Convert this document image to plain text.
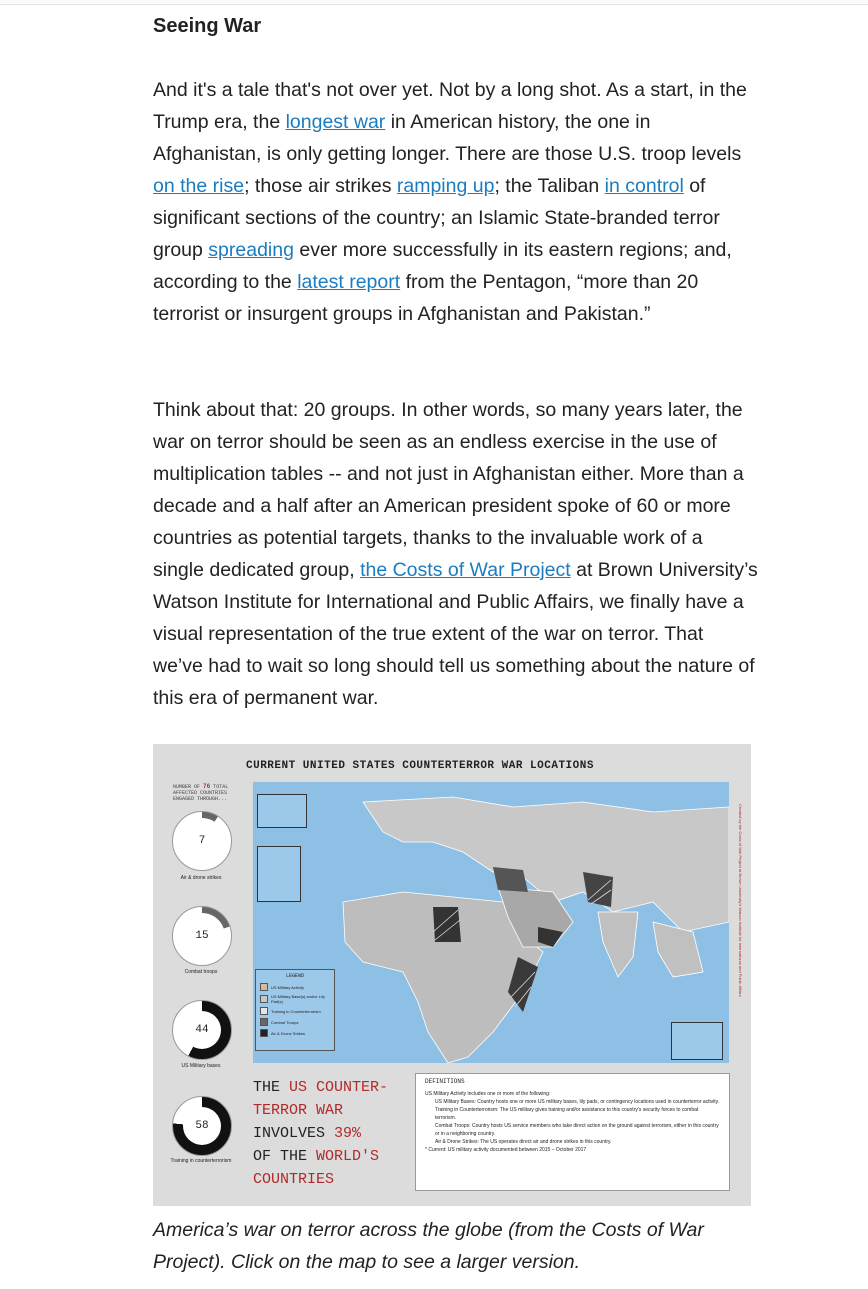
Seeing War

And it's a tale that's not over yet. Not by a long shot. As a start, in the Trump era, the longest war in American history, the one in Afghanistan, is only getting longer. There are those U.S. troop levels on the rise; those air strikes ramping up; the Taliban in control of significant sections of the country; an Islamic State-branded terror group spreading ever more successfully in its eastern regions; and, according to the latest report from the Pentagon, “more than 20 terrorist or insurgent groups in Afghanistan and Pakistan.”

Think about that: 20 groups. In other words, so many years later, the war on terror should be seen as an endless exercise in the use of multiplication tables -- and not just in Afghanistan either. More than a decade and a half after an American president spoke of 60 or more countries as potential targets, thanks to the invaluable work of a single dedicated group, the Costs of War Project at Brown University’s Watson Institute for International and Public Affairs, we finally have a visual representation of the true extent of the war on terror. That we’ve had to wait so long should tell us something about the nature of this era of permanent war.

CURRENT UNITED STATES COUNTERTERROR WAR LOCATIONS
NUMBER OF 76 TOTAL AFFECTED COUNTRIES ENGAGED THROUGH...
7
Air & drone strikes
15
Combat troops
44
US Military bases
58
Training in counterterrorism
LEGEND
US Military Activity
US Military Base(s) and/or Lily Pad(s)
Training in Counterterrorism
Combat Troops
Air & Drone Strikes
Created by the Costs of War Project at Brown University's Watson Institute for International and Public Affairs
THE US COUNTER-
TERROR WAR
INVOLVES 39%
OF THE WORLD'S
COUNTRIES
DEFINITIONS
US Military Activity includes one or more of the following:
US Military Bases: Country hosts one or more US military bases, lily pads, or contingency locations used in counterterror activity.
Training in Counterterrorism: The US military gives training and/or assistance to this country's security forces to combat terrorism.
Combat Troops: Country hosts US service members who take direct action on the ground against terrorism, either in this country or in a neighboring country.
Air & Drone Strikes: The US operates direct air and drone strikes in this country.
* Current: US military activity documented between 2015 – October 2017
America’s war on terror across the globe (from the Costs of War Project). Click on the map to see a larger version.
